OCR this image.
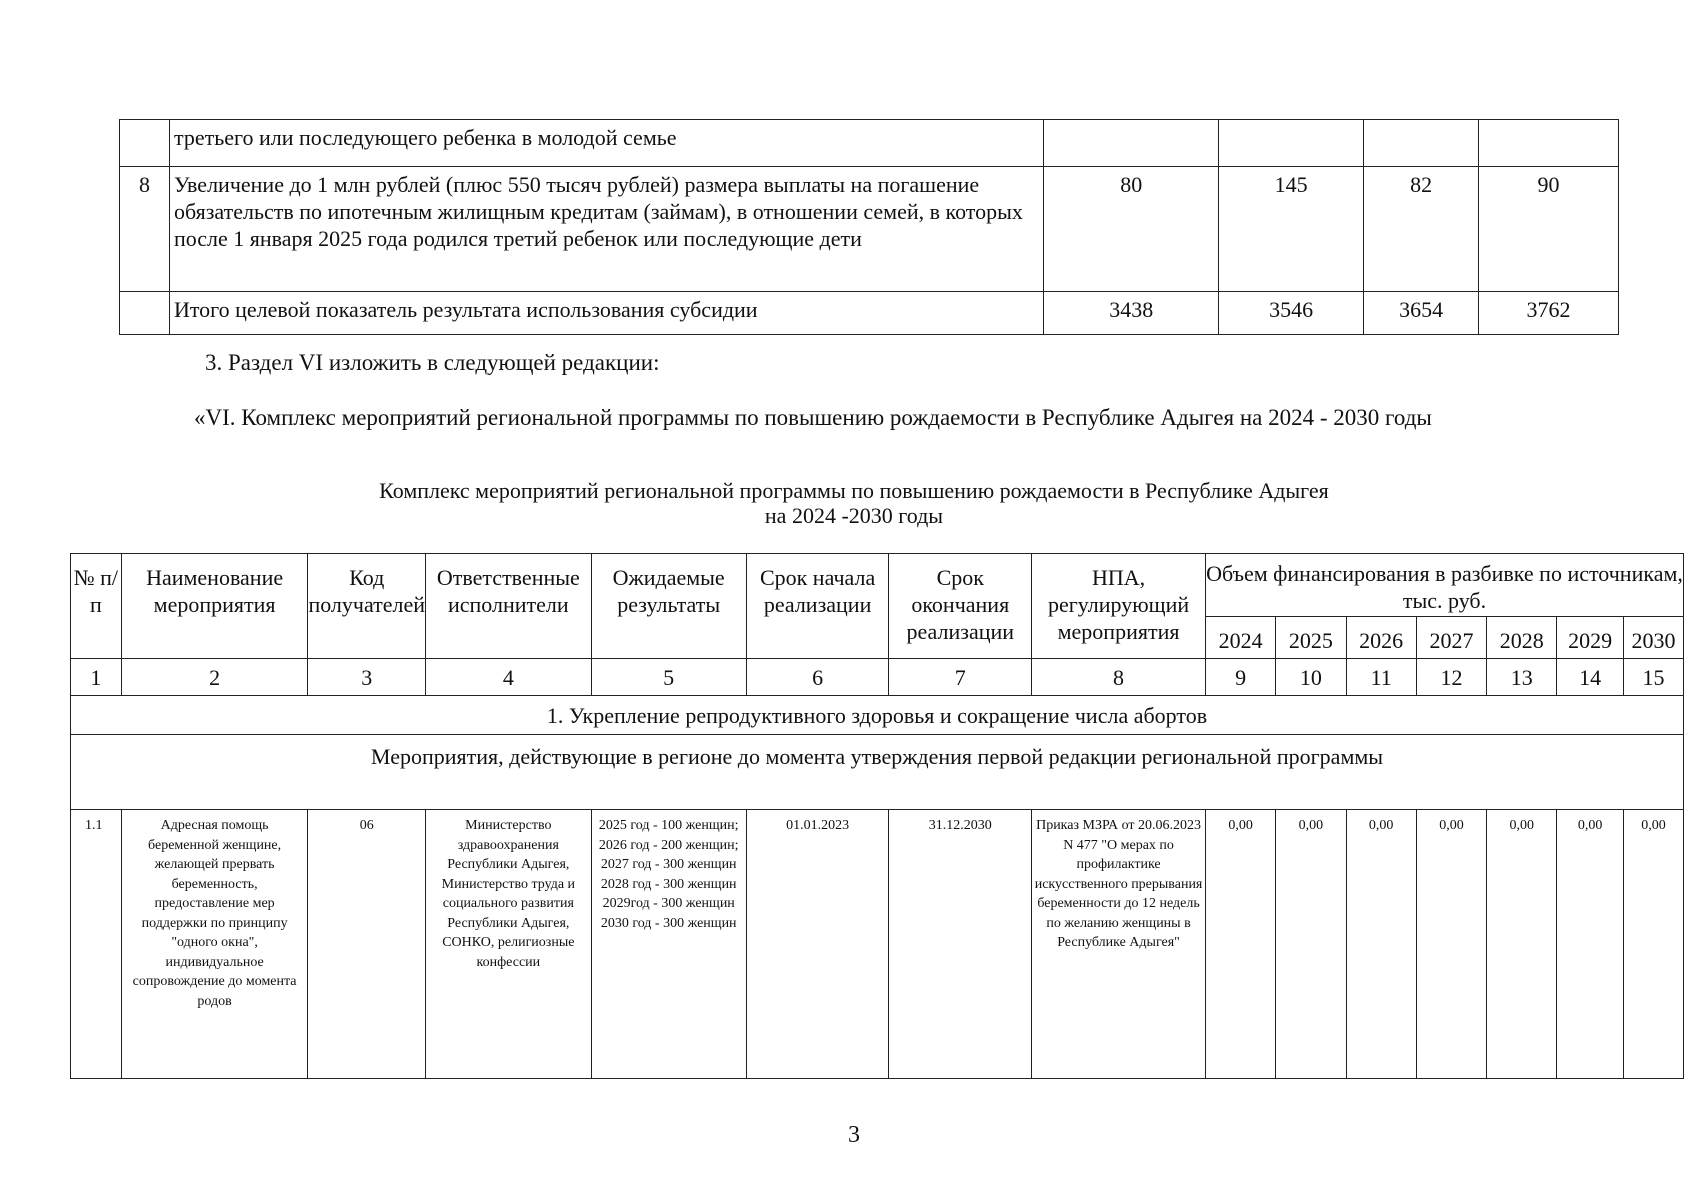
	третьего или последующего ребенка в молодой семье				
8	Увеличение до 1 млн рублей (плюс 550 тысяч рублей) размера выплаты на погашение обязательств по ипотечным жилищным кредитам (займам), в отношении семей, в которых после 1 января 2025 года родился третий ребенок или последующие дети	80	145	82	90
	Итого целевой показатель результата использования субсидии	3438	3546	3654	3762
3. Раздел VI изложить в следующей редакции:
«VI. Комплекс мероприятий региональной программы по повышению рождаемости в Республике Адыгея на 2024 - 2030 годы
Комплекс мероприятий региональной программы по повышению рождаемости в Республике Адыгея
на 2024 -2030 годы
№ п/п	Наименование мероприятия	Код получателей	Ответственные исполнители	Ожидаемые результаты	Срок начала реализации	Срок окончания реализации	НПА, регулирующий мероприятия	Объем финансирования в разбивке по источникам, тыс. руб.						
								2024	2025	2026	2027	2028	2029	2030
1	2	3	4	5	6	7	8	9	10	11	12	13	14	15
1. Укрепление репродуктивного здоровья и сокращение числа абортов														
Мероприятия, действующие в регионе до момента утверждения первой редакции региональной программы														
1.1	Адресная помощь беременной женщине, желающей прервать беременность, предоставление мер поддержки по принципу "одного окна", индивидуальное сопровождение до момента родов	06	Министерство здравоохранения Республики Адыгея, Министерство труда и социального развития Республики Адыгея, СОНКО, религиозные конфессии	2025 год - 100 женщин; 2026 год - 200 женщин; 2027 год - 300 женщин 2028 год - 300 женщин 2029год - 300 женщин 2030 год - 300 женщин	01.01.2023	31.12.2030	Приказ МЗРА от 20.06.2023 N 477 "О мерах по профилактике искусственного прерывания беременности до 12 недель по желанию женщины в Республике Адыгея"	0,00	0,00	0,00	0,00	0,00	0,00	0,00
3
